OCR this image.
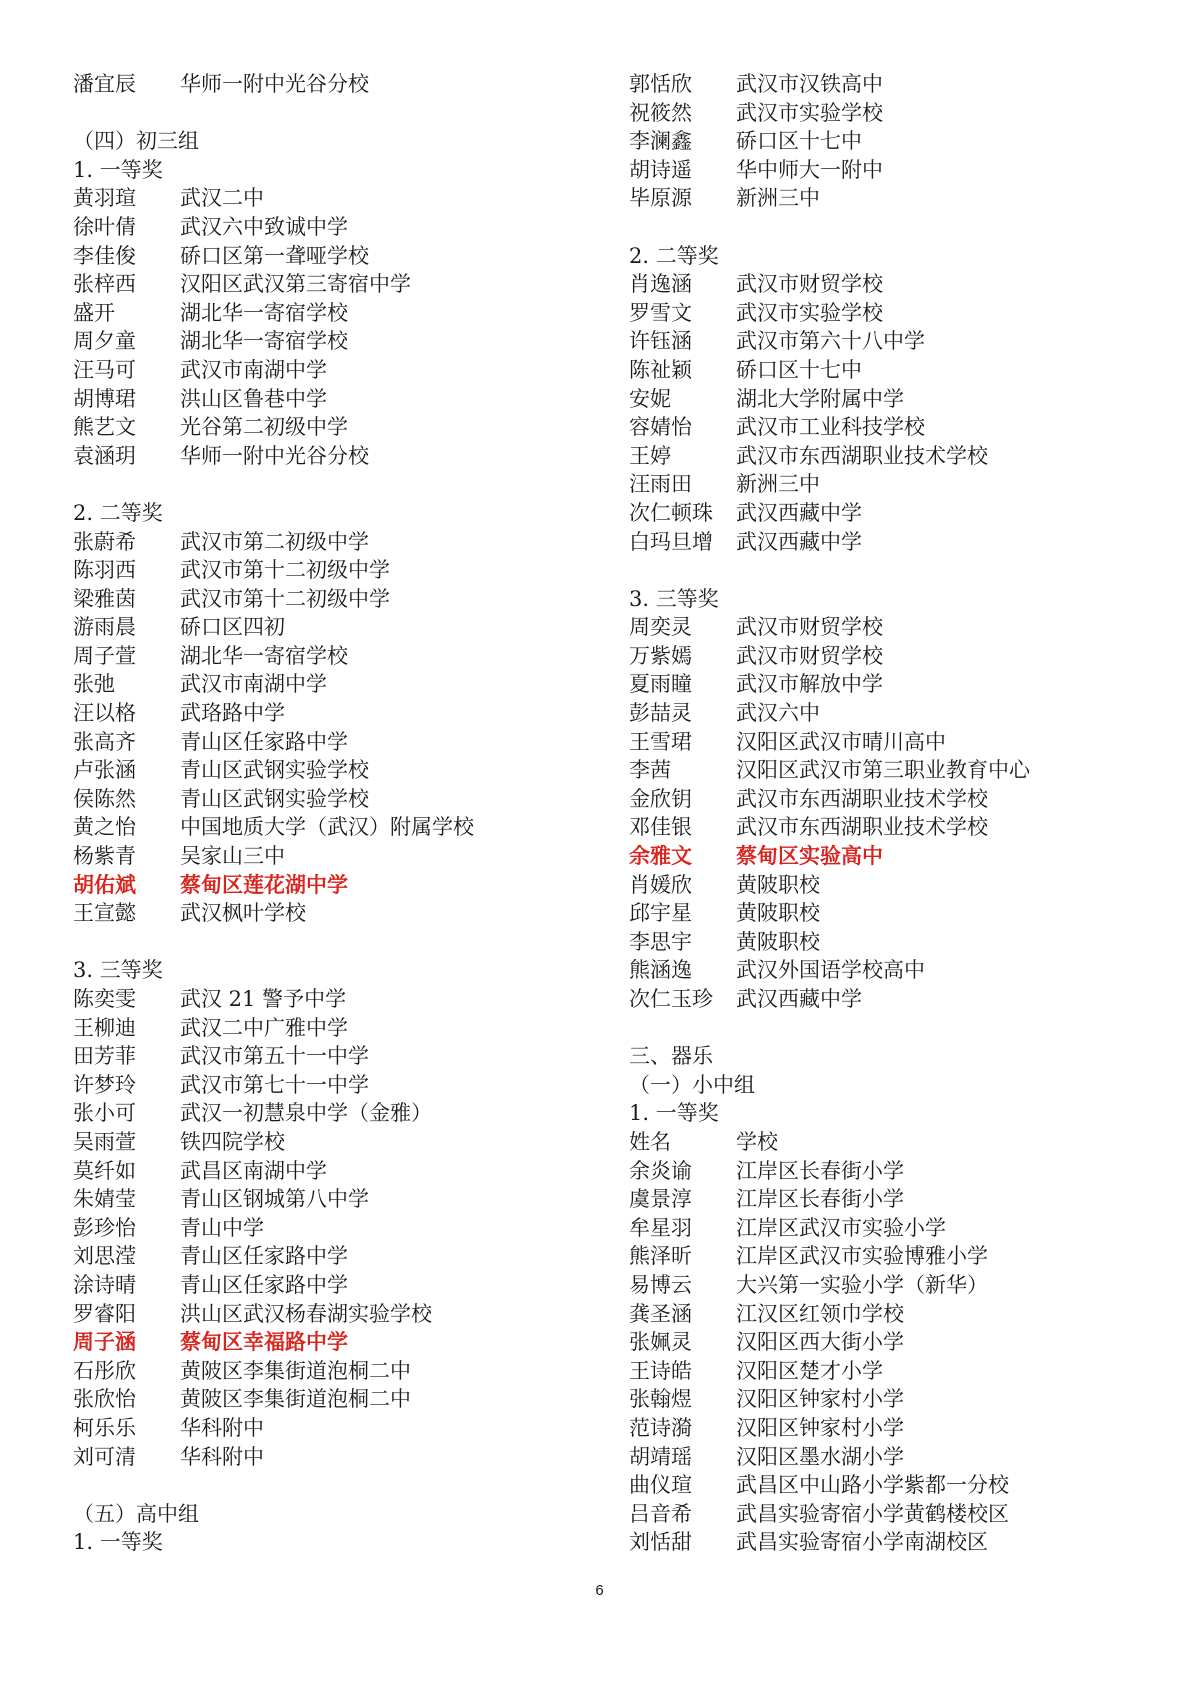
潘宜辰 华师一附中光谷分校
（四）初三组
1. 一等奖
黄羽瑄 武汉二中
徐叶倩 武汉六中致诚中学
李佳俊 硚口区第一聋哑学校
张梓西 汉阳区武汉第三寄宿中学
盛开	湖北华一寄宿学校
周夕童 湖北华一寄宿学校
汪马可 武汉市南湖中学
胡博珺 洪山区鲁巷中学
熊艺文 光谷第二初级中学
袁涵玥 华师一附中光谷分校
2. 二等奖
张蔚希 武汉市第二初级中学
陈羽西 武汉市第十二初级中学
梁雅茵 武汉市第十二初级中学
游雨晨 硚口区四初
周子萱 湖北华一寄宿学校
张弛	武汉市南湖中学
汪以格 武珞路中学
张高齐 青山区任家路中学
卢张涵 青山区武钢实验学校
侯陈然 青山区武钢实验学校
黄之怡 中国地质大学（武汉）附属学校
杨紫青 吴家山三中
胡佑斌 蔡甸区莲花湖中学
王宣懿 武汉枫叶学校
3. 三等奖
陈奕雯 武汉 21 警予中学
王柳迪 武汉二中广雅中学
田芳菲 武汉市第五十一中学
许梦玲 武汉市第七十一中学
张小可 武汉一初慧泉中学（金雅）
吴雨萱 铁四院学校
莫纤如 武昌区南湖中学
朱婧莹 青山区钢城第八中学
彭珍怡 青山中学
刘思滢 青山区任家路中学
涂诗晴 青山区任家路中学
罗睿阳 洪山区武汉杨春湖实验学校
周子涵 蔡甸区幸福路中学
石彤欣 黄陂区李集街道泡桐二中
张欣怡 黄陂区李集街道泡桐二中
柯乐乐 华科附中
刘可清 华科附中
（五）高中组
1. 一等奖
郭恬欣 武汉市汉铁高中
祝筱然 武汉市实验学校
李澜鑫 硚口区十七中
胡诗遥 华中师大一附中
毕原源 新洲三中
2. 二等奖
肖逸涵 武汉市财贸学校
罗雪文 武汉市实验学校
许钰涵 武汉市第六十八中学
陈祉颖 硚口区十七中
安妮	湖北大学附属中学
容婧怡 武汉市工业科技学校
王婷	武汉市东西湖职业技术学校
汪雨田 新洲三中
次仁顿珠 武汉西藏中学
白玛旦增 武汉西藏中学
3. 三等奖
周奕灵 武汉市财贸学校
万紫嫣 武汉市财贸学校
夏雨瞳 武汉市解放中学
彭喆灵 武汉六中
王雪珺 汉阳区武汉市晴川高中
李茜	汉阳区武汉市第三职业教育中心
金欣钥 武汉市东西湖职业技术学校
邓佳银 武汉市东西湖职业技术学校
余雅文 蔡甸区实验高中
肖媛欣 黄陂职校
邱宇星 黄陂职校
李思宇 黄陂职校
熊涵逸 武汉外国语学校高中
次仁玉珍 武汉西藏中学
三、器乐
（一）小中组
1. 一等奖
姓名	学校
余炎谕 江岸区长春街小学
虞景淳 江岸区长春街小学
牟星羽 江岸区武汉市实验小学
熊泽昕 江岸区武汉市实验博雅小学
易博云 大兴第一实验小学（新华）
龚圣涵 江汉区红领巾学校
张姵灵 汉阳区西大街小学
王诗皓 汉阳区楚才小学
张翰煜 汉阳区钟家村小学
范诗漪 汉阳区钟家村小学
胡靖瑶 汉阳区墨水湖小学
曲仪瑄 武昌区中山路小学紫都一分校
吕音希 武昌实验寄宿小学黄鹤楼校区
刘恬甜 武昌实验寄宿小学南湖校区
6
